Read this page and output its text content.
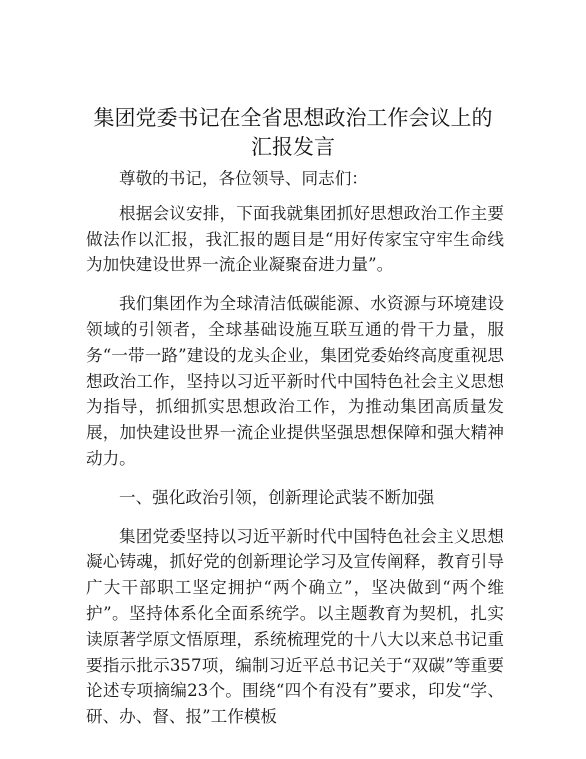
集团党委书记在全省思想政治工作会议上的汇报发言

尊敬的书记，各位领导、同志们：

根据会议安排，下面我就集团抓好思想政治工作主要做法作以汇报，我汇报的题目是“用好传家宝守牢生命线为加快建设世界一流企业凝聚奋进力量”。

我们集团作为全球清洁低碳能源、水资源与环境建设领域的引领者，全球基础设施互联互通的骨干力量，服务“一带一路”建设的龙头企业，集团党委始终高度重视思想政治工作，坚持以习近平新时代中国特色社会主义思想为指导，抓细抓实思想政治工作，为推动集团高质量发展，加快建设世界一流企业提供坚强思想保障和强大精神动力。

一、强化政治引领，创新理论武装不断加强

集团党委坚持以习近平新时代中国特色社会主义思想凝心铸魂，抓好党的创新理论学习及宣传阐释，教育引导广大干部职工坚定拥护“两个确立”，坚决做到“两个维护”。坚持体系化全面系统学。以主题教育为契机，扎实读原著学原文悟原理，系统梳理党的十八大以来总书记重要指示批示357项，编制习近平总书记关于“双碳”等重要论述专项摘编23个。围绕“四个有没有”要求，印发“学、研、办、督、报”工作模板
